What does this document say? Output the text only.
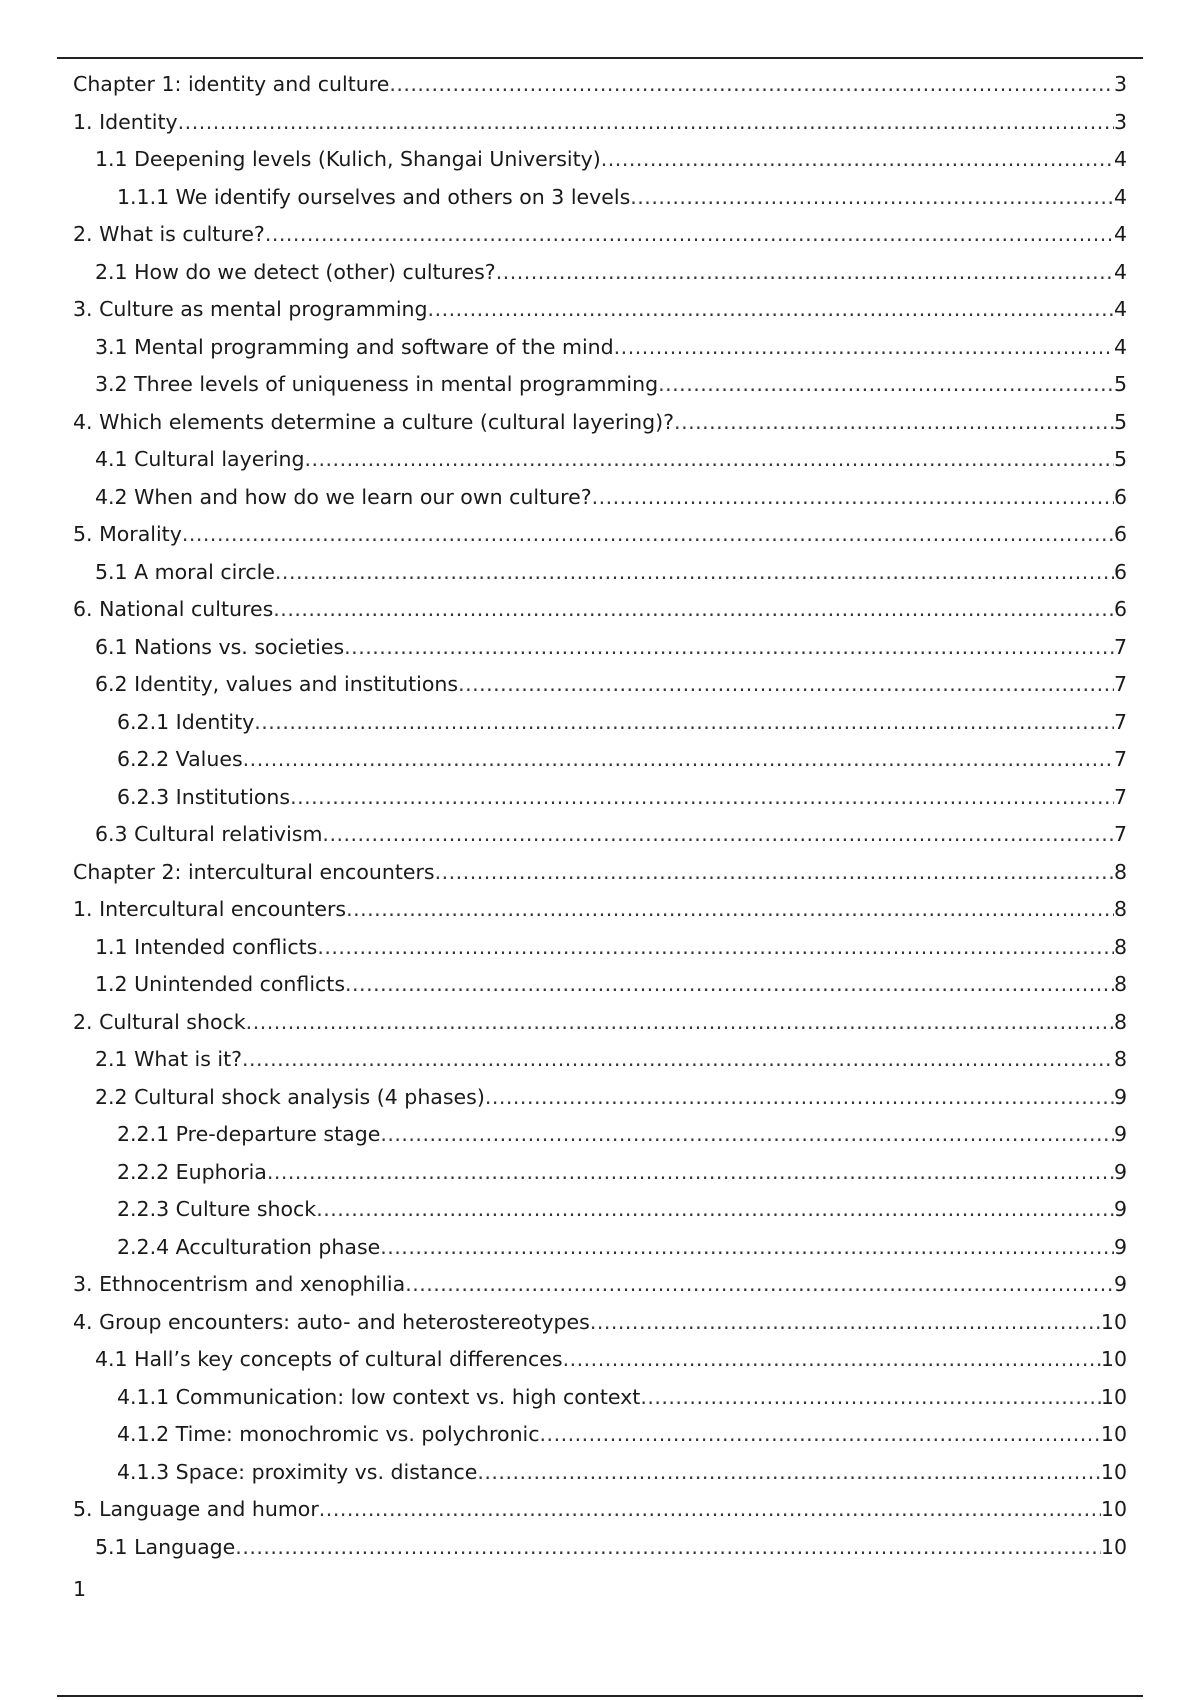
Chapter 1: identity and culture .....	3
1. Identity .....	3
1.1 Deepening levels (Kulich, Shangai University) .....	4
1.1.1 We identify ourselves and others on 3 levels .....	4
2. What is culture? .....	4
2.1 How do we detect (other) cultures? .....	4
3. Culture as mental programming .....	4
3.1 Mental programming and software of the mind .....	4
3.2 Three levels of uniqueness in mental programming .....	5
4. Which elements determine a culture (cultural layering)? .....	5
4.1 Cultural layering .....	5
4.2 When and how do we learn our own culture? .....	6
5. Morality .....	6
5.1 A moral circle .....	6
6. National cultures .....	6
6.1 Nations vs. societies .....	7
6.2 Identity, values and institutions .....	7
6.2.1 Identity .....	7
6.2.2 Values .....	7
6.2.3 Institutions .....	7
6.3 Cultural relativism .....	7
Chapter 2: intercultural encounters .....	8
1. Intercultural encounters .....	8
1.1 Intended conflicts .....	8
1.2 Unintended conflicts .....	8
2. Cultural shock .....	8
2.1 What is it? .....	8
2.2 Cultural shock analysis (4 phases) .....	9
2.2.1 Pre-departure stage .....	9
2.2.2 Euphoria .....	9
2.2.3 Culture shock .....	9
2.2.4 Acculturation phase .....	9
3. Ethnocentrism and xenophilia .....	9
4. Group encounters: auto- and heterostereotypes .....	10
4.1 Hall’s key concepts of cultural differences .....	10
4.1.1 Communication: low context vs. high context .....	10
4.1.2 Time: monochromic vs. polychronic .....	10
4.1.3 Space: proximity vs. distance .....	10
5. Language and humor .....	10
5.1 Language .....	10
1
